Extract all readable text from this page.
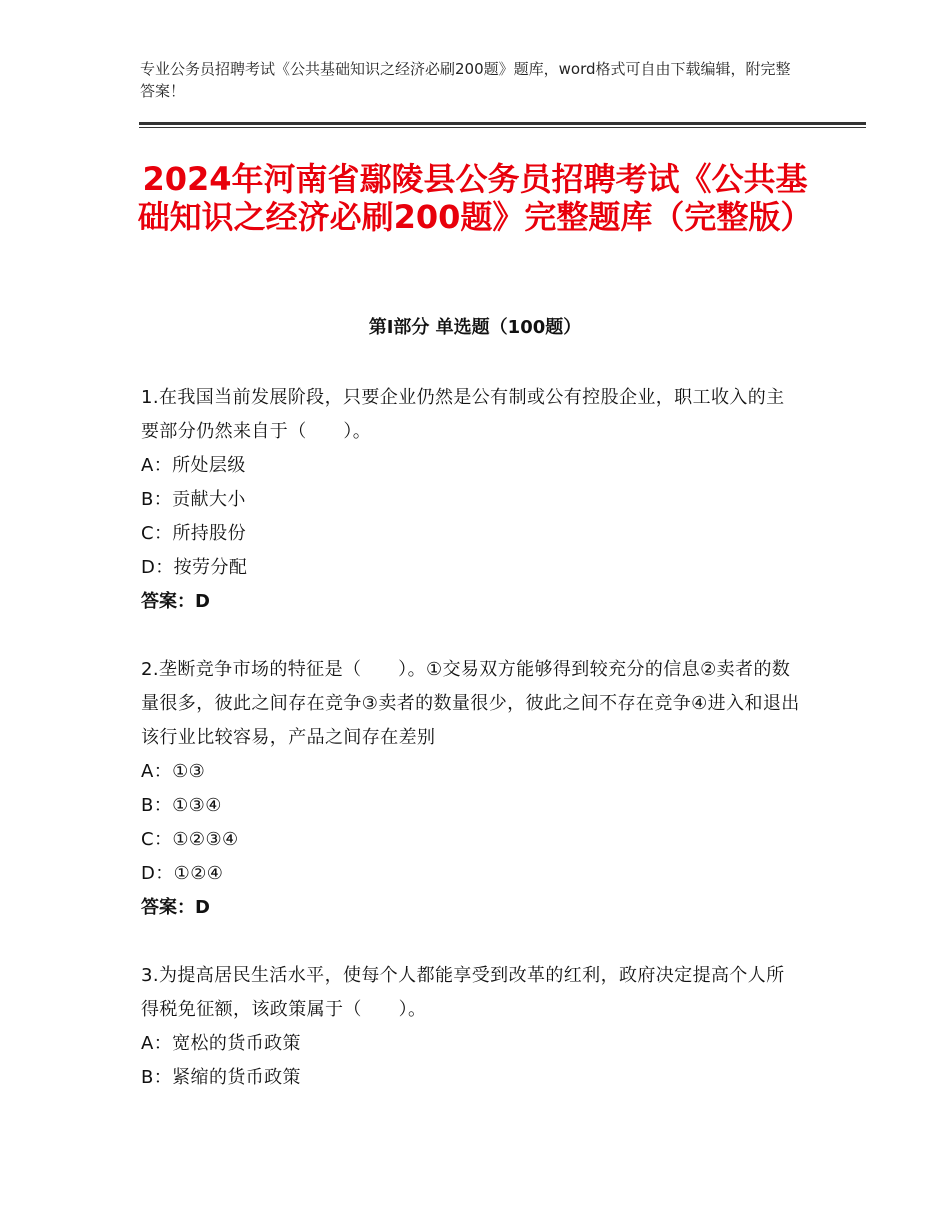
专业公务员招聘考试《公共基础知识之经济必刷200题》题库，word格式可自由下载编辑，附完整答案！
2024年河南省鄢陵县公务员招聘考试《公共基础知识之经济必刷200题》完整题库（完整版）
第Ⅰ部分 单选题（100题）
1.在我国当前发展阶段，只要企业仍然是公有制或公有控股企业，职工收入的主要部分仍然来自于（　　）。
A：所处层级
B：贡献大小
C：所持股份
D：按劳分配
答案：D
2.垄断竞争市场的特征是（　　）。①交易双方能够得到较充分的信息②卖者的数量很多，彼此之间存在竞争③卖者的数量很少，彼此之间不存在竞争④进入和退出该行业比较容易，产品之间存在差别
A：①③
B：①③④
C：①②③④
D：①②④
答案：D
3.为提高居民生活水平，使每个人都能享受到改革的红利，政府决定提高个人所得税免征额，该政策属于（　　）。
A：宽松的货币政策
B：紧缩的货币政策
